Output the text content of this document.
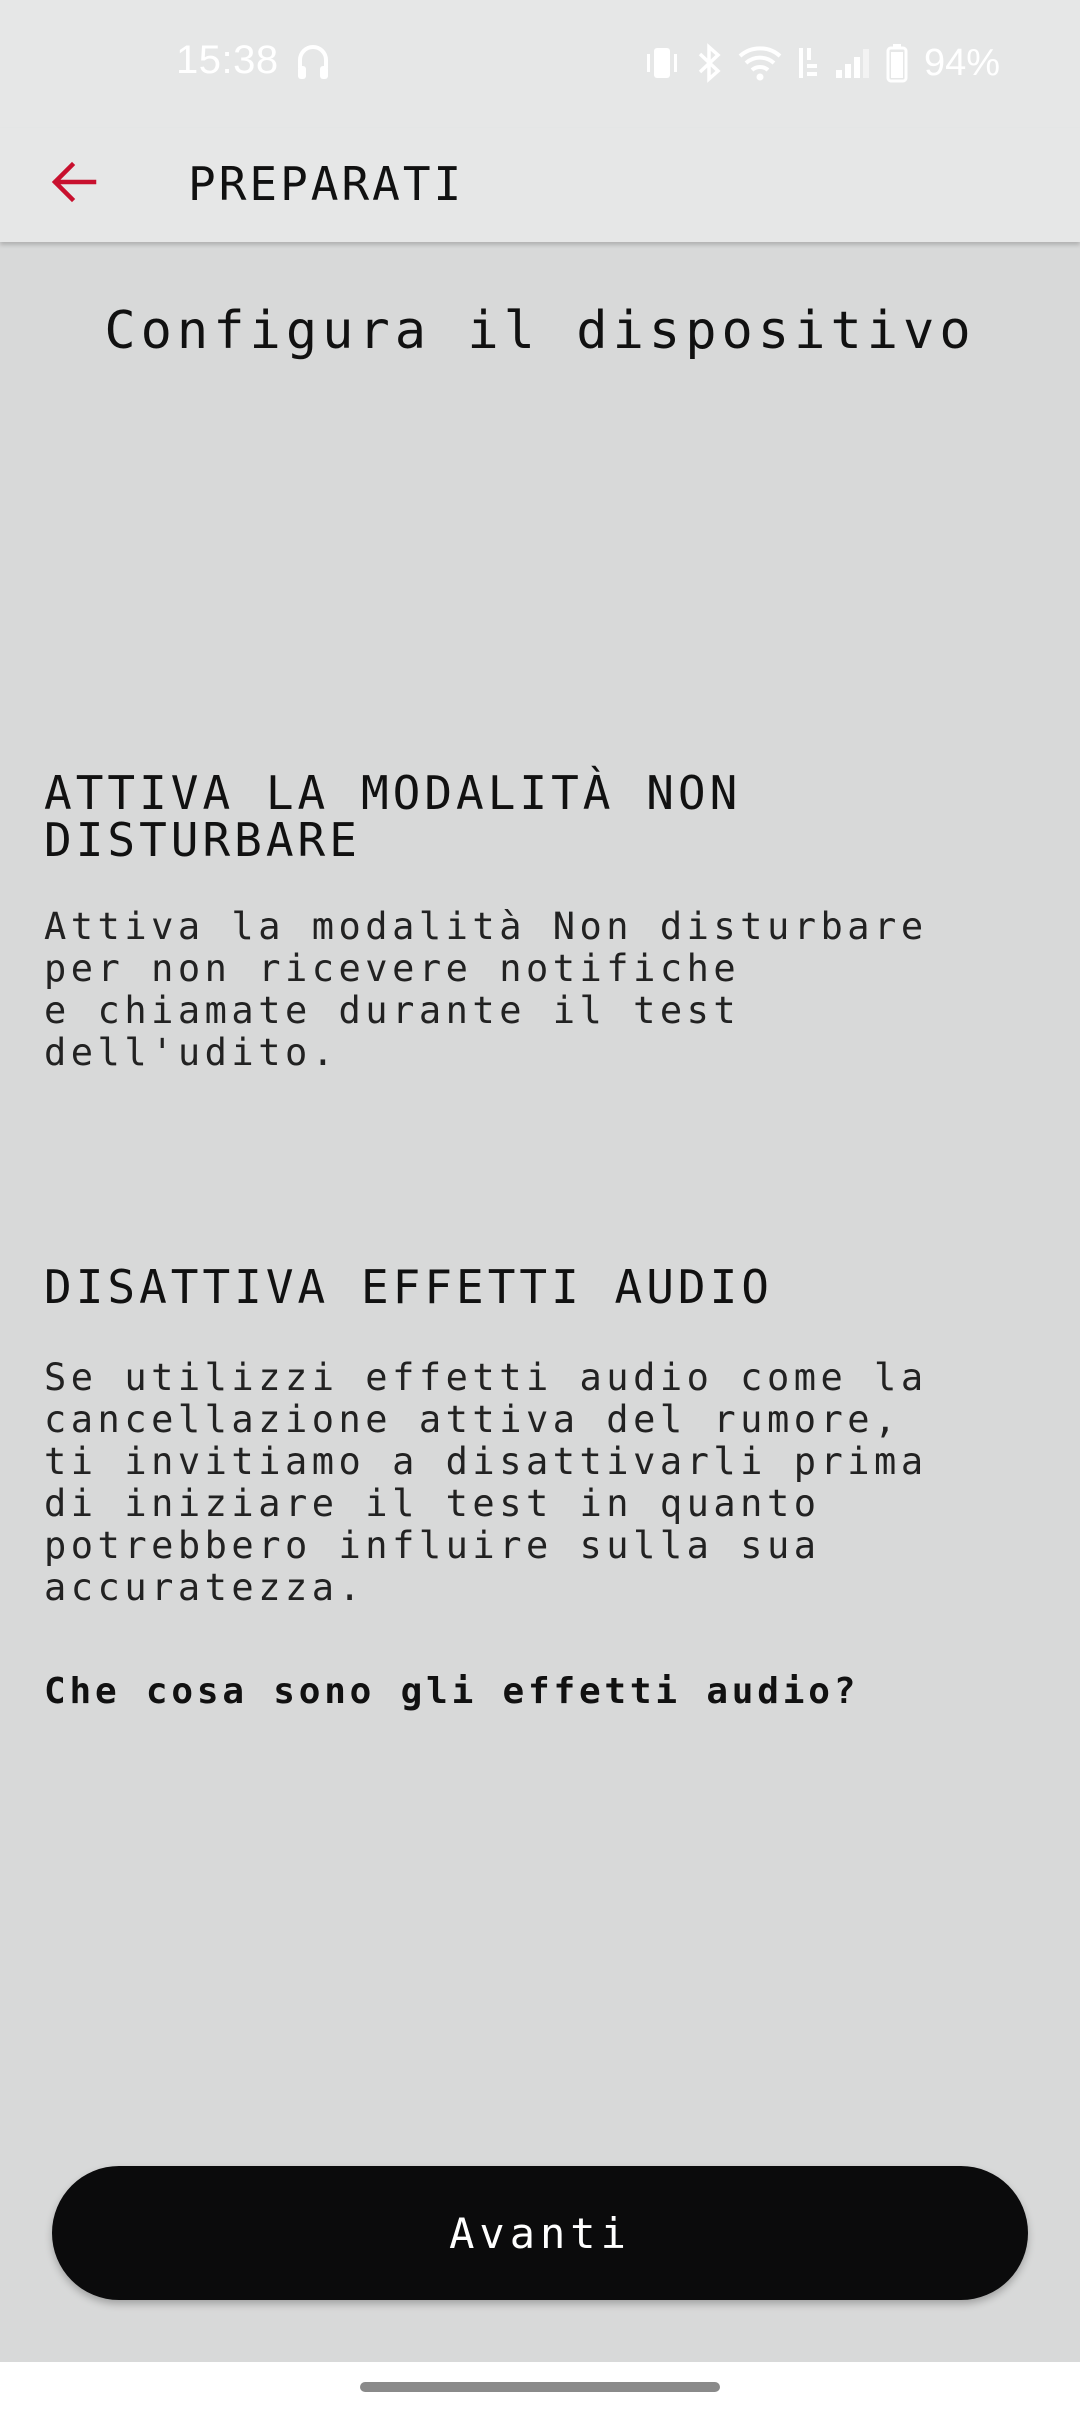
15:38	94%
PREPARATI
Configura il dispositivo
ATTIVA LA MODALITÀ NON
DISTURBARE

Attiva la modalità Non disturbare
per non ricevere notifiche
e chiamate durante il test
dell'udito.

DISATTIVA EFFETTI AUDIO

Se utilizzi effetti audio come la
cancellazione attiva del rumore,
ti invitiamo a disattivarli prima
di iniziare il test in quanto
potrebbero influire sulla sua
accuratezza.

Che cosa sono gli effetti audio?
Avanti
